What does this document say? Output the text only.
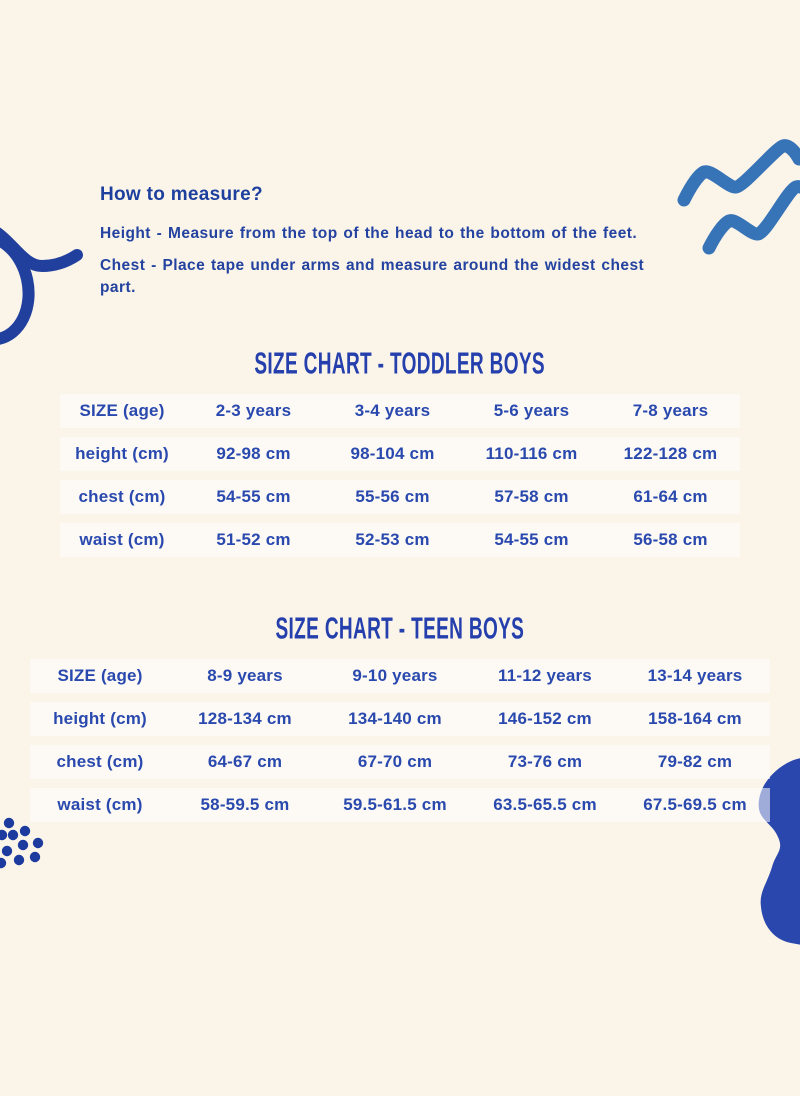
How to measure?

Height - Measure from the top of the head to the bottom of the feet.

Chest - Place tape under arms and measure around the widest chest part.

SIZE CHART - TODDLER BOYS
SIZE (age)	2-3 years	3-4 years	5-6 years	7-8 years
height (cm)	92-98 cm	98-104 cm	110-116 cm	122-128 cm
chest (cm)	54-55 cm	55-56 cm	57-58 cm	61-64 cm
waist (cm)	51-52 cm	52-53 cm	54-55 cm	56-58 cm
SIZE CHART - TEEN BOYS
SIZE (age)	8-9 years	9-10 years	11-12 years	13-14 years
height (cm)	128-134 cm	134-140 cm	146-152 cm	158-164 cm
chest (cm)	64-67 cm	67-70 cm	73-76 cm	79-82 cm
waist (cm)	58-59.5 cm	59.5-61.5 cm	63.5-65.5 cm	67.5-69.5 cm
